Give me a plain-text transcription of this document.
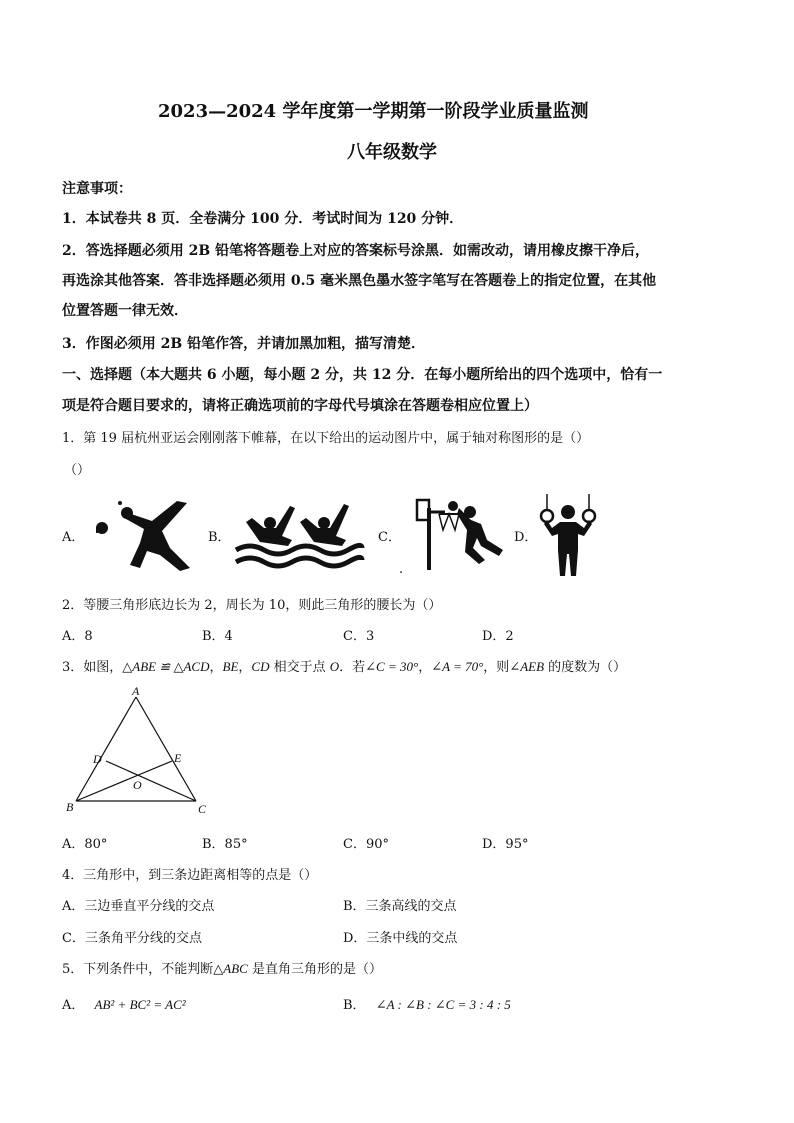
2023—2024 学年度第一学期第一阶段学业质量监测
八年级数学
注意事项：
1．本试卷共 8 页．全卷满分 100 分．考试时间为 120 分钟．
2．答选择题必须用 2B 铅笔将答题卷上对应的答案标号涂黑．如需改动，请用橡皮擦干净后，
再选涂其他答案．答非选择题必须用 0.5 毫米黑色墨水签字笔写在答题卷上的指定位置，在其他
位置答题一律无效．
3．作图必须用 2B 铅笔作答，并请加黑加粗，描写清楚．
一、选择题（本大题共 6 小题，每小题 2 分，共 12 分．在每小题所给出的四个选项中，恰有一
项是符合题目要求的，请将正确选项前的字母代号填涂在答题卷相应位置上）
1．第 19 届杭州亚运会刚刚落下帷幕，在以下给出的运动图片中，属于轴对称图形的是（）
（）
A．	B．	C．
.
D．
2．等腰三角形底边长为 2，周长为 10，则此三角形的腰长为（）
A．8	B．4	C．3	D．2
3．如图，△ABE ≌ △ACD，BE，CD 相交于点 O．若∠C = 30°，∠A = 70°，则∠AEB 的度数为（）
A
D	E
O
B	C
A．80°	B．85°	C．90°	D．95°
4．三角形中，到三条边距离相等的点是（）
A．三边垂直平分线的交点	B．三条高线的交点
C．三条角平分线的交点	D．三条中线的交点
5．下列条件中，不能判断△ABC 是直角三角形的是（）
A． AB² + BC² = AC²	B． ∠A : ∠B : ∠C = 3 : 4 : 5
